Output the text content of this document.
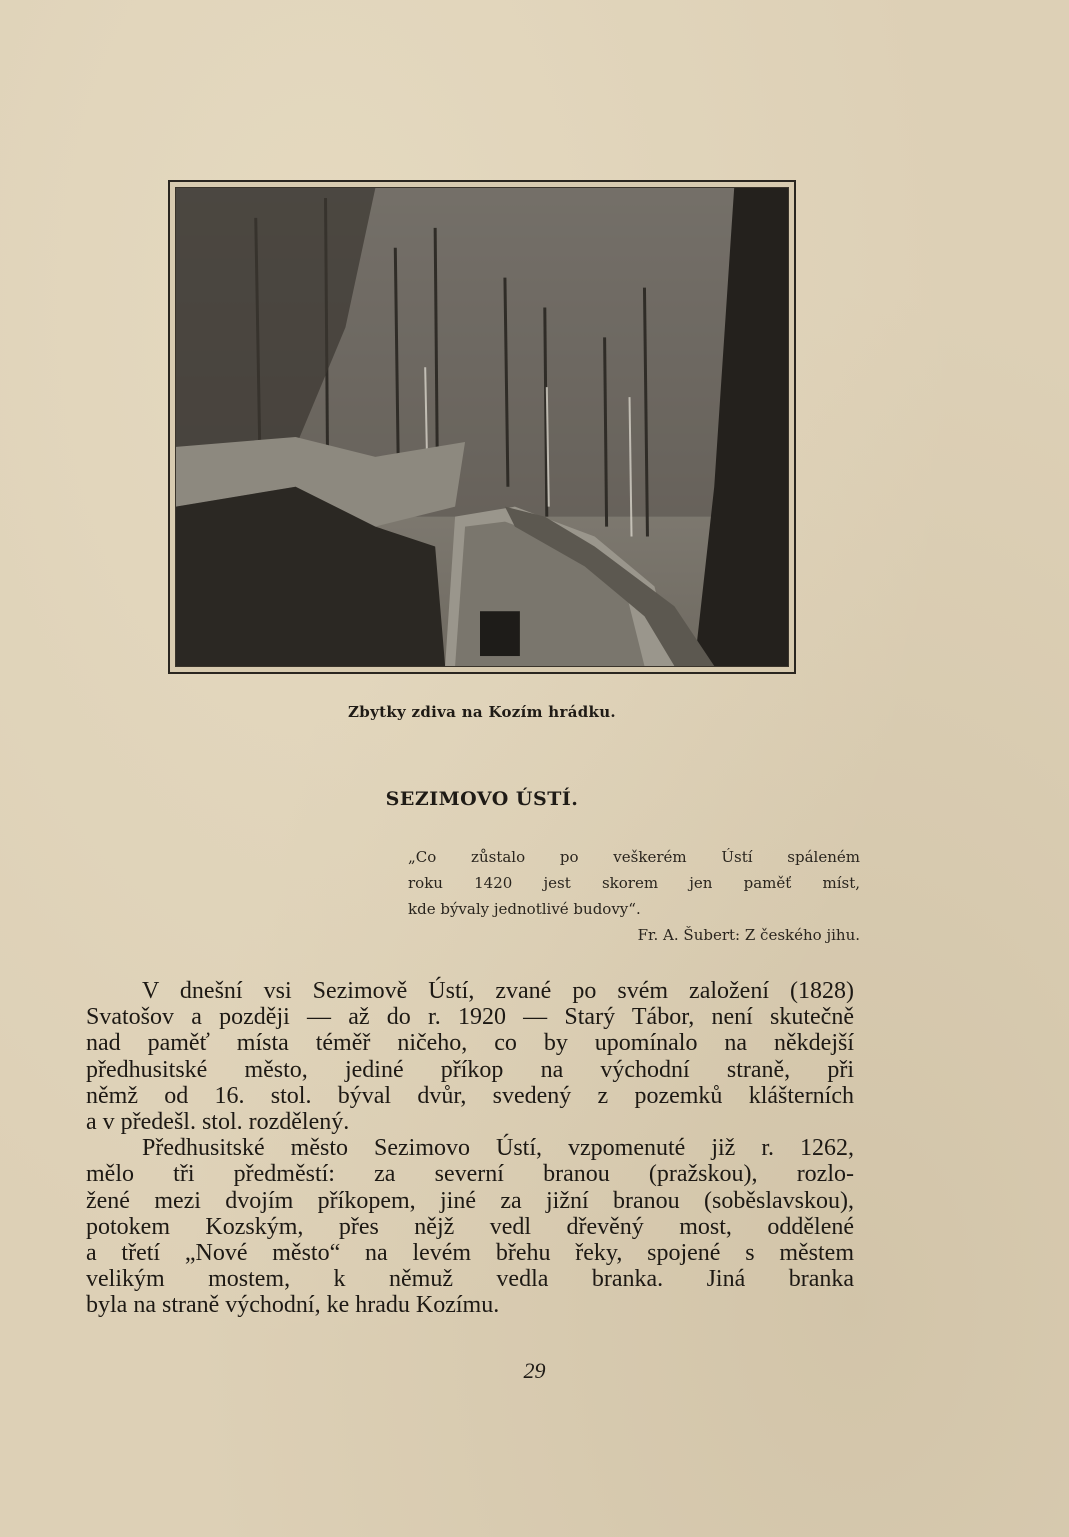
Zbytky zdiva na Kozím hrádku.
SEZIMOVO ÚSTÍ.
„Co zůstalo po veškerém Ústí spáleném
roku 1420 jest skorem jen paměť míst,
kde bývaly jednotlivé budovy“.
Fr. A. Šubert: Z českého jihu.
V dnešní vsi Sezimově Ústí, zvané po svém založení (1828)
Svatošov a později — až do r. 1920 — Starý Tábor, není skutečně
nad paměť místa téměř ničeho, co by upomínalo na někdejší
předhusitské město, jediné příkop na východní straně, při
němž od 16. stol. býval dvůr, svedený z pozemků klášterních
a v předešl. stol. rozdělený.
Předhusitské město Sezimovo Ústí, vzpomenuté již r. 1262,
mělo tři předměstí: za severní branou (pražskou), rozlo-
žené mezi dvojím příkopem, jiné za jižní branou (soběslavskou),
potokem Kozským, přes nějž vedl dřevěný most, oddělené
a třetí „Nové město“ na levém břehu řeky, spojené s městem
velikým mostem, k němuž vedla branka. Jiná branka
byla na straně východní, ke hradu Kozímu.
29
